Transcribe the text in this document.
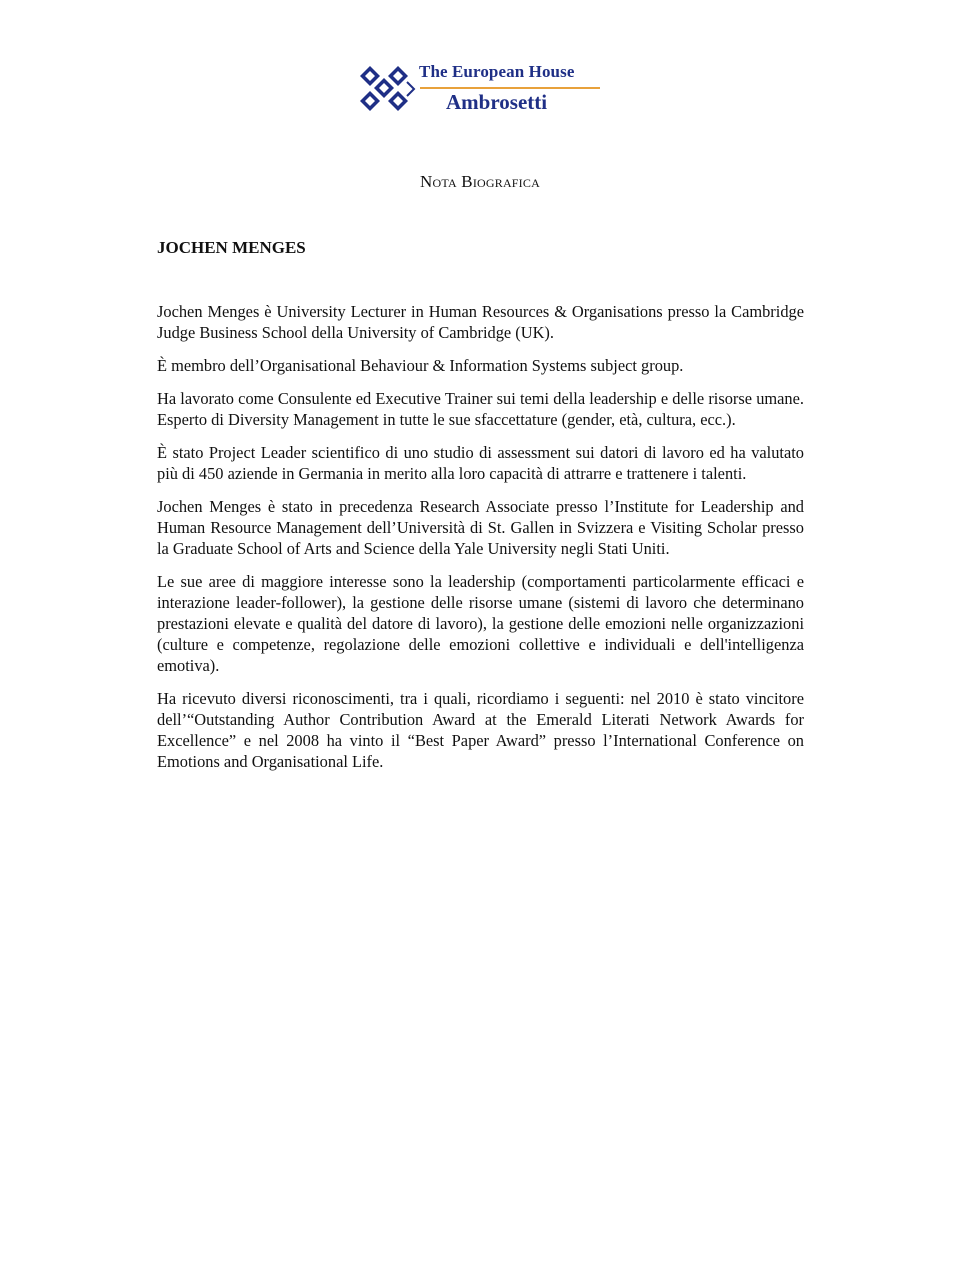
The European House
Ambrosetti
Nota Biografica
JOCHEN MENGES

Jochen Menges è University Lecturer in Human Resources & Organisations presso la Cambridge Judge Business School della University of Cambridge (UK).

È membro dell’Organisational Behaviour & Information Systems subject group.

Ha lavorato come Consulente ed Executive Trainer sui temi della leadership e delle risorse umane. Esperto di Diversity Management in tutte le sue sfaccettature (gender, età, cultura, ecc.).

È stato Project Leader scientifico di uno studio di assessment sui datori di lavoro ed ha valutato più di 450 aziende in Germania in merito alla loro capacità di attrarre e trattenere i talenti.

Jochen Menges è stato in precedenza Research Associate presso l’Institute for Leadership and Human Resource Management dell’Università di St. Gallen in Svizzera e Visiting Scholar presso la Graduate School of Arts and Science della Yale University negli Stati Uniti.

Le sue aree di maggiore interesse sono la leadership (comportamenti particolarmente efficaci e interazione leader-follower), la gestione delle risorse umane (sistemi di lavoro che determinano prestazioni elevate e qualità del datore di lavoro), la gestione delle emozioni nelle organizzazioni (culture e competenze, regolazione delle emozioni collettive e individuali e dell'intelligenza emotiva).

Ha ricevuto diversi riconoscimenti, tra i quali, ricordiamo i seguenti: nel 2010 è stato vincitore dell’“Outstanding Author Contribution Award at the Emerald Literati Network Awards for Excellence” e nel 2008 ha vinto il “Best Paper Award” presso l’International Conference on Emotions and Organisational Life.
